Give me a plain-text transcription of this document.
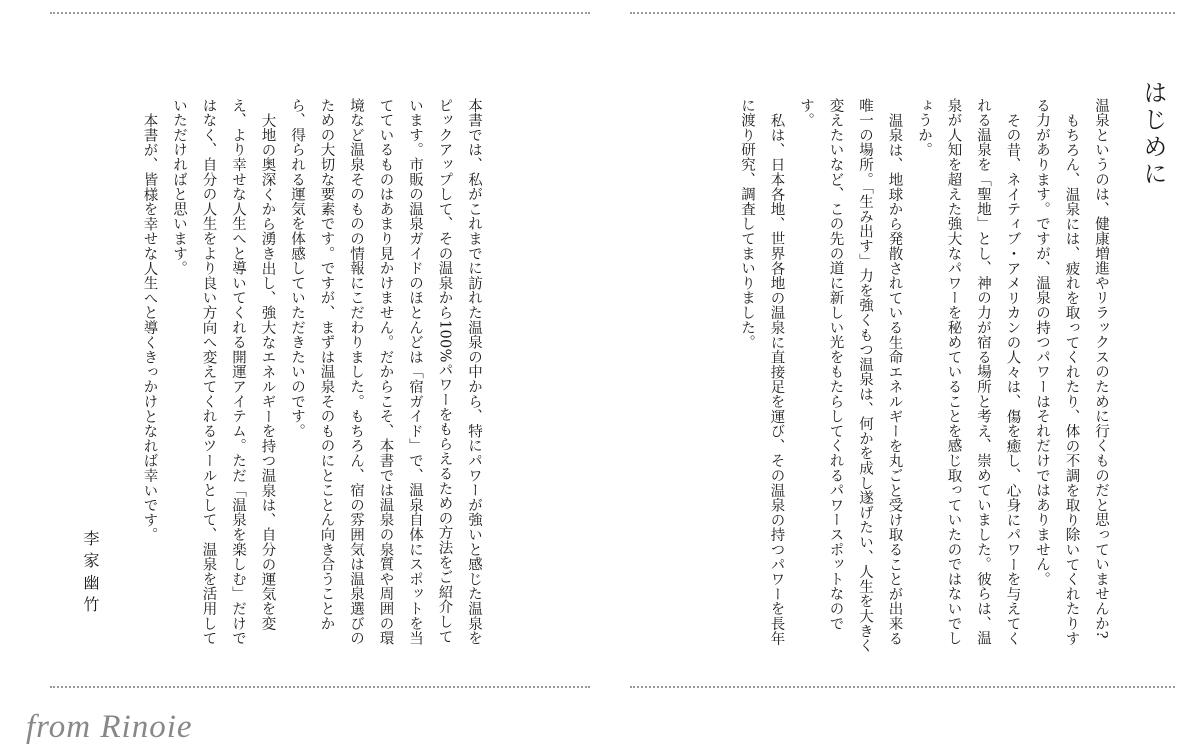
はじめに
温泉というのは、健康増進やリラックスのために行くものだと思っていませんか?
もちろん、温泉には、疲れを取ってくれたり、体の不調を取り除いてくれたりする力があります。ですが、温泉の持つパワーはそれだけではありません。
その昔、ネイティブ・アメリカンの人々は、傷を癒し、心身にパワーを与えてくれる温泉を「聖地」とし、神の力が宿る場所と考え、崇めていました。彼らは、温泉が人知を超えた強大なパワーを秘めていることを感じ取っていたのではないでしょうか。
温泉は、地球から発散されている生命エネルギーを丸ごと受け取ることが出来る唯一の場所。「生み出す」力を強くもつ温泉は、何かを成し遂げたい、人生を大きく変えたいなど、この先の道に新しい光をもたらしてくれるパワースポットなのです。
私は、日本各地、世界各地の温泉に直接足を運び、その温泉の持つパワーを長年に渡り研究、調査してまいりました。
本書では、私がこれまでに訪れた温泉の中から、特にパワーが強いと感じた温泉をピックアップして、その温泉から100%パワーをもらえるための方法をご紹介しています。市販の温泉ガイドのほとんどは「宿ガイド」で、温泉自体にスポットを当てているものはあまり見かけません。だからこそ、本書では温泉の泉質や周囲の環境など温泉そのものの情報にこだわりました。もちろん、宿の雰囲気は温泉選びのための大切な要素です。ですが、まずは温泉そのものにとことん向き合うことから、得られる運気を体感していただきたいのです。
大地の奥深くから湧き出し、強大なエネルギーを持つ温泉は、自分の運気を変え、より幸せな人生へと導いてくれる開運アイテム。ただ「温泉を楽しむ」だけではなく、自分の人生をより良い方向へ変えてくれるツールとして、温泉を活用していただければと思います。
本書が、皆様を幸せな人生へと導くきっかけとなれば幸いです。
李家幽竹
from Rinoie
